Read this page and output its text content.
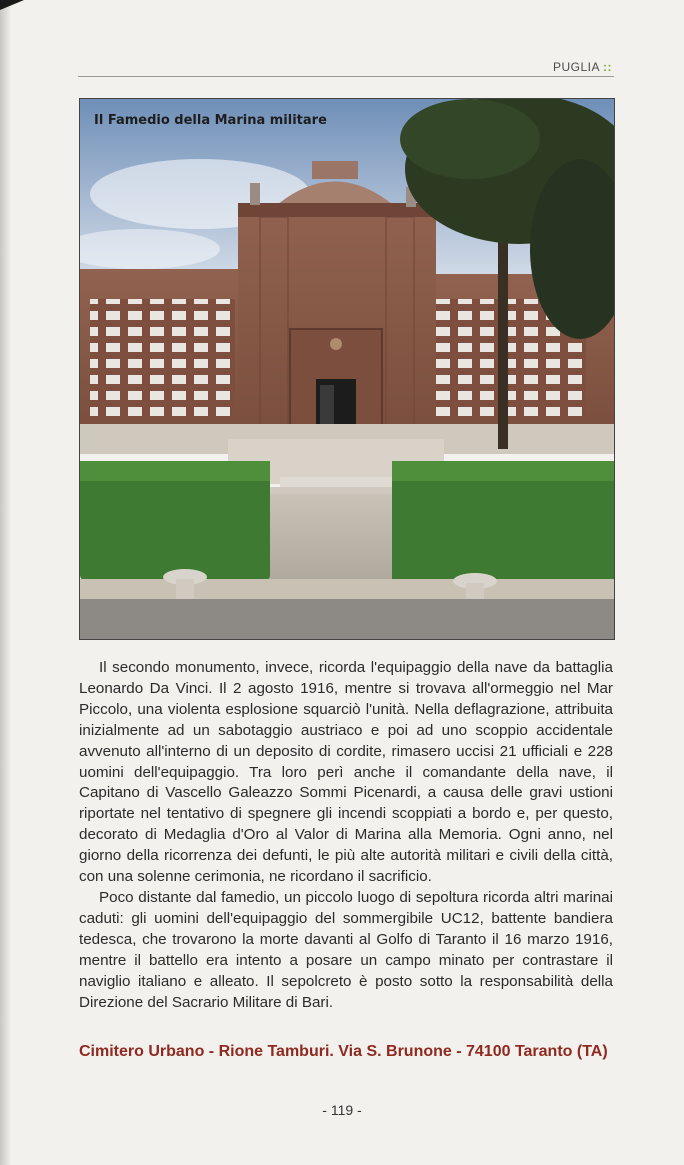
PUGLIA ::
Il Famedio della Marina militare

Il secondo monumento, invece, ricorda l'equipaggio della nave da battaglia Leonardo Da Vinci. Il 2 agosto 1916, mentre si trovava all'ormeggio nel Mar Piccolo, una violenta esplosione squarciò l'unità. Nella deflagrazione, attribuita inizialmente ad un sabotaggio austriaco e poi ad uno scoppio accidentale avvenuto all'interno di un deposito di cordite, rimasero uccisi 21 ufficiali e 228 uomini dell'equipaggio. Tra loro perì anche il comandante della nave, il Capitano di Vascello Galeazzo Sommi Picenardi, a causa delle gravi ustioni riportate nel tentativo di spegnere gli incendi scoppiati a bordo e, per questo, decorato di Medaglia d'Oro al Valor di Marina alla Memoria. Ogni anno, nel giorno della ricorrenza dei defunti, le più alte autorità militari e civili della città, con una solenne cerimonia, ne ricordano il sacrificio.

Poco distante dal famedio, un piccolo luogo di sepoltura ricorda altri marinai caduti: gli uomini dell'equipaggio del sommergibile UC12, battente bandiera tedesca, che trovarono la morte davanti al Golfo di Taranto il 16 marzo 1916, mentre il battello era intento a posare un campo minato per contrastare il naviglio italiano e alleato. Il sepolcreto è posto sotto la responsabilità della Direzione del Sacrario Militare di Bari.

Cimitero Urbano - Rione Tamburi. Via S. Brunone - 74100 Taranto (TA)
- 119 -
